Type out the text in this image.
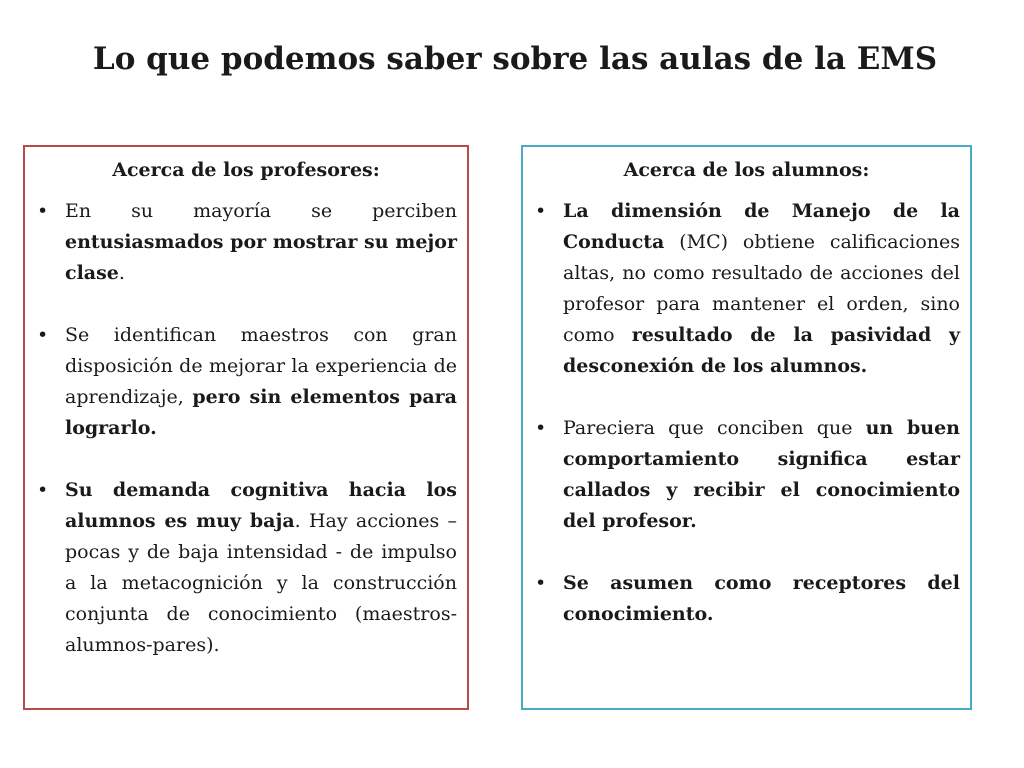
Lo que podemos saber sobre las aulas de la EMS
Acerca de los profesores:
• En su mayoría se perciben entusiasmados por mostrar su mejor clase.
• Se identifican maestros con gran disposición de mejorar la experiencia de aprendizaje, pero sin elementos para lograrlo.
• Su demanda cognitiva hacia los alumnos es muy baja. Hay acciones –pocas y de baja intensidad - de impulso a la metacognición y la construcción conjunta de conocimiento (maestros-alumnos-pares).
Acerca de los alumnos:
• La dimensión de Manejo de la Conducta (MC) obtiene calificaciones altas, no como resultado de acciones del profesor para mantener el orden, sino como resultado de la pasividad y desconexión de los alumnos.
• Pareciera que conciben que un buen comportamiento significa estar callados y recibir el conocimiento del profesor.
• Se asumen como receptores del conocimiento.
